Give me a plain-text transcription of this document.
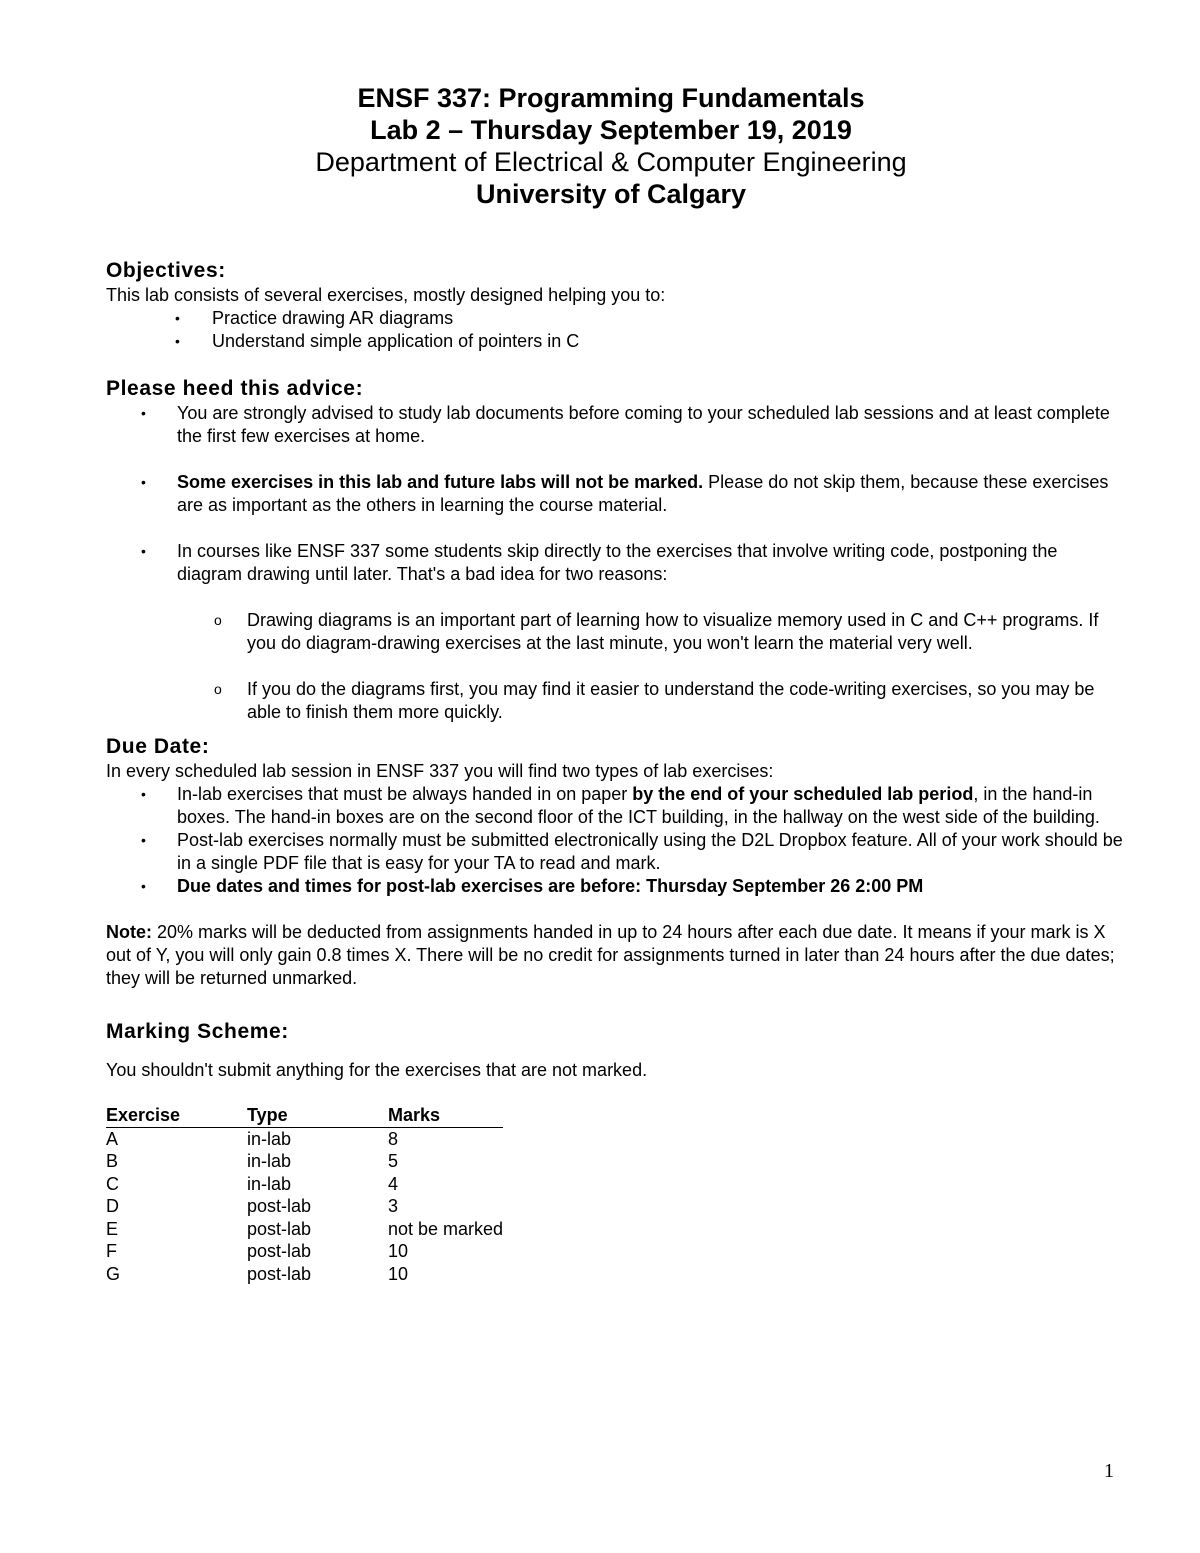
ENSF 337: Programming Fundamentals

Lab 2 – Thursday September 19, 2019

Department of Electrical & Computer Engineering

University of Calgary

Objectives:
This lab consists of several exercises, mostly designed helping you to:
• Practice drawing AR diagrams
• Understand simple application of pointers in C
Please heed this advice:
• You are strongly advised to study lab documents before coming to your scheduled lab sessions and at least complete the first few exercises at home.
• Some exercises in this lab and future labs will not be marked. Please do not skip them, because these exercises are as important as the others in learning the course material.
• In courses like ENSF 337 some students skip directly to the exercises that involve writing code, postponing the diagram drawing until later. That's a bad idea for two reasons:
o Drawing diagrams is an important part of learning how to visualize memory used in C and C++ programs. If you do diagram-drawing exercises at the last minute, you won't learn the material very well.
o If you do the diagrams first, you may find it easier to understand the code-writing exercises, so you may be able to finish them more quickly.
Due Date:
In every scheduled lab session in ENSF 337 you will find two types of lab exercises:
• In-lab exercises that must be always handed in on paper by the end of your scheduled lab period, in the hand-in boxes. The hand-in boxes are on the second floor of the ICT building, in the hallway on the west side of the building.
• Post-lab exercises normally must be submitted electronically using the D2L Dropbox feature. All of your work should be in a single PDF file that is easy for your TA to read and mark.
• Due dates and times for post-lab exercises are before: Thursday September 26 2:00 PM
Note: 20% marks will be deducted from assignments handed in up to 24 hours after each due date. It means if your mark is X out of Y, you will only gain 0.8 times X. There will be no credit for assignments turned in later than 24 hours after the due dates; they will be returned unmarked.
Marking Scheme:
You shouldn't submit anything for the exercises that are not marked.
Exercise	Type	Marks
A	in-lab	8
B	in-lab	5
C	in-lab	4
D	post-lab	3
E	post-lab	not be marked
F	post-lab	10
G	post-lab	10
1
